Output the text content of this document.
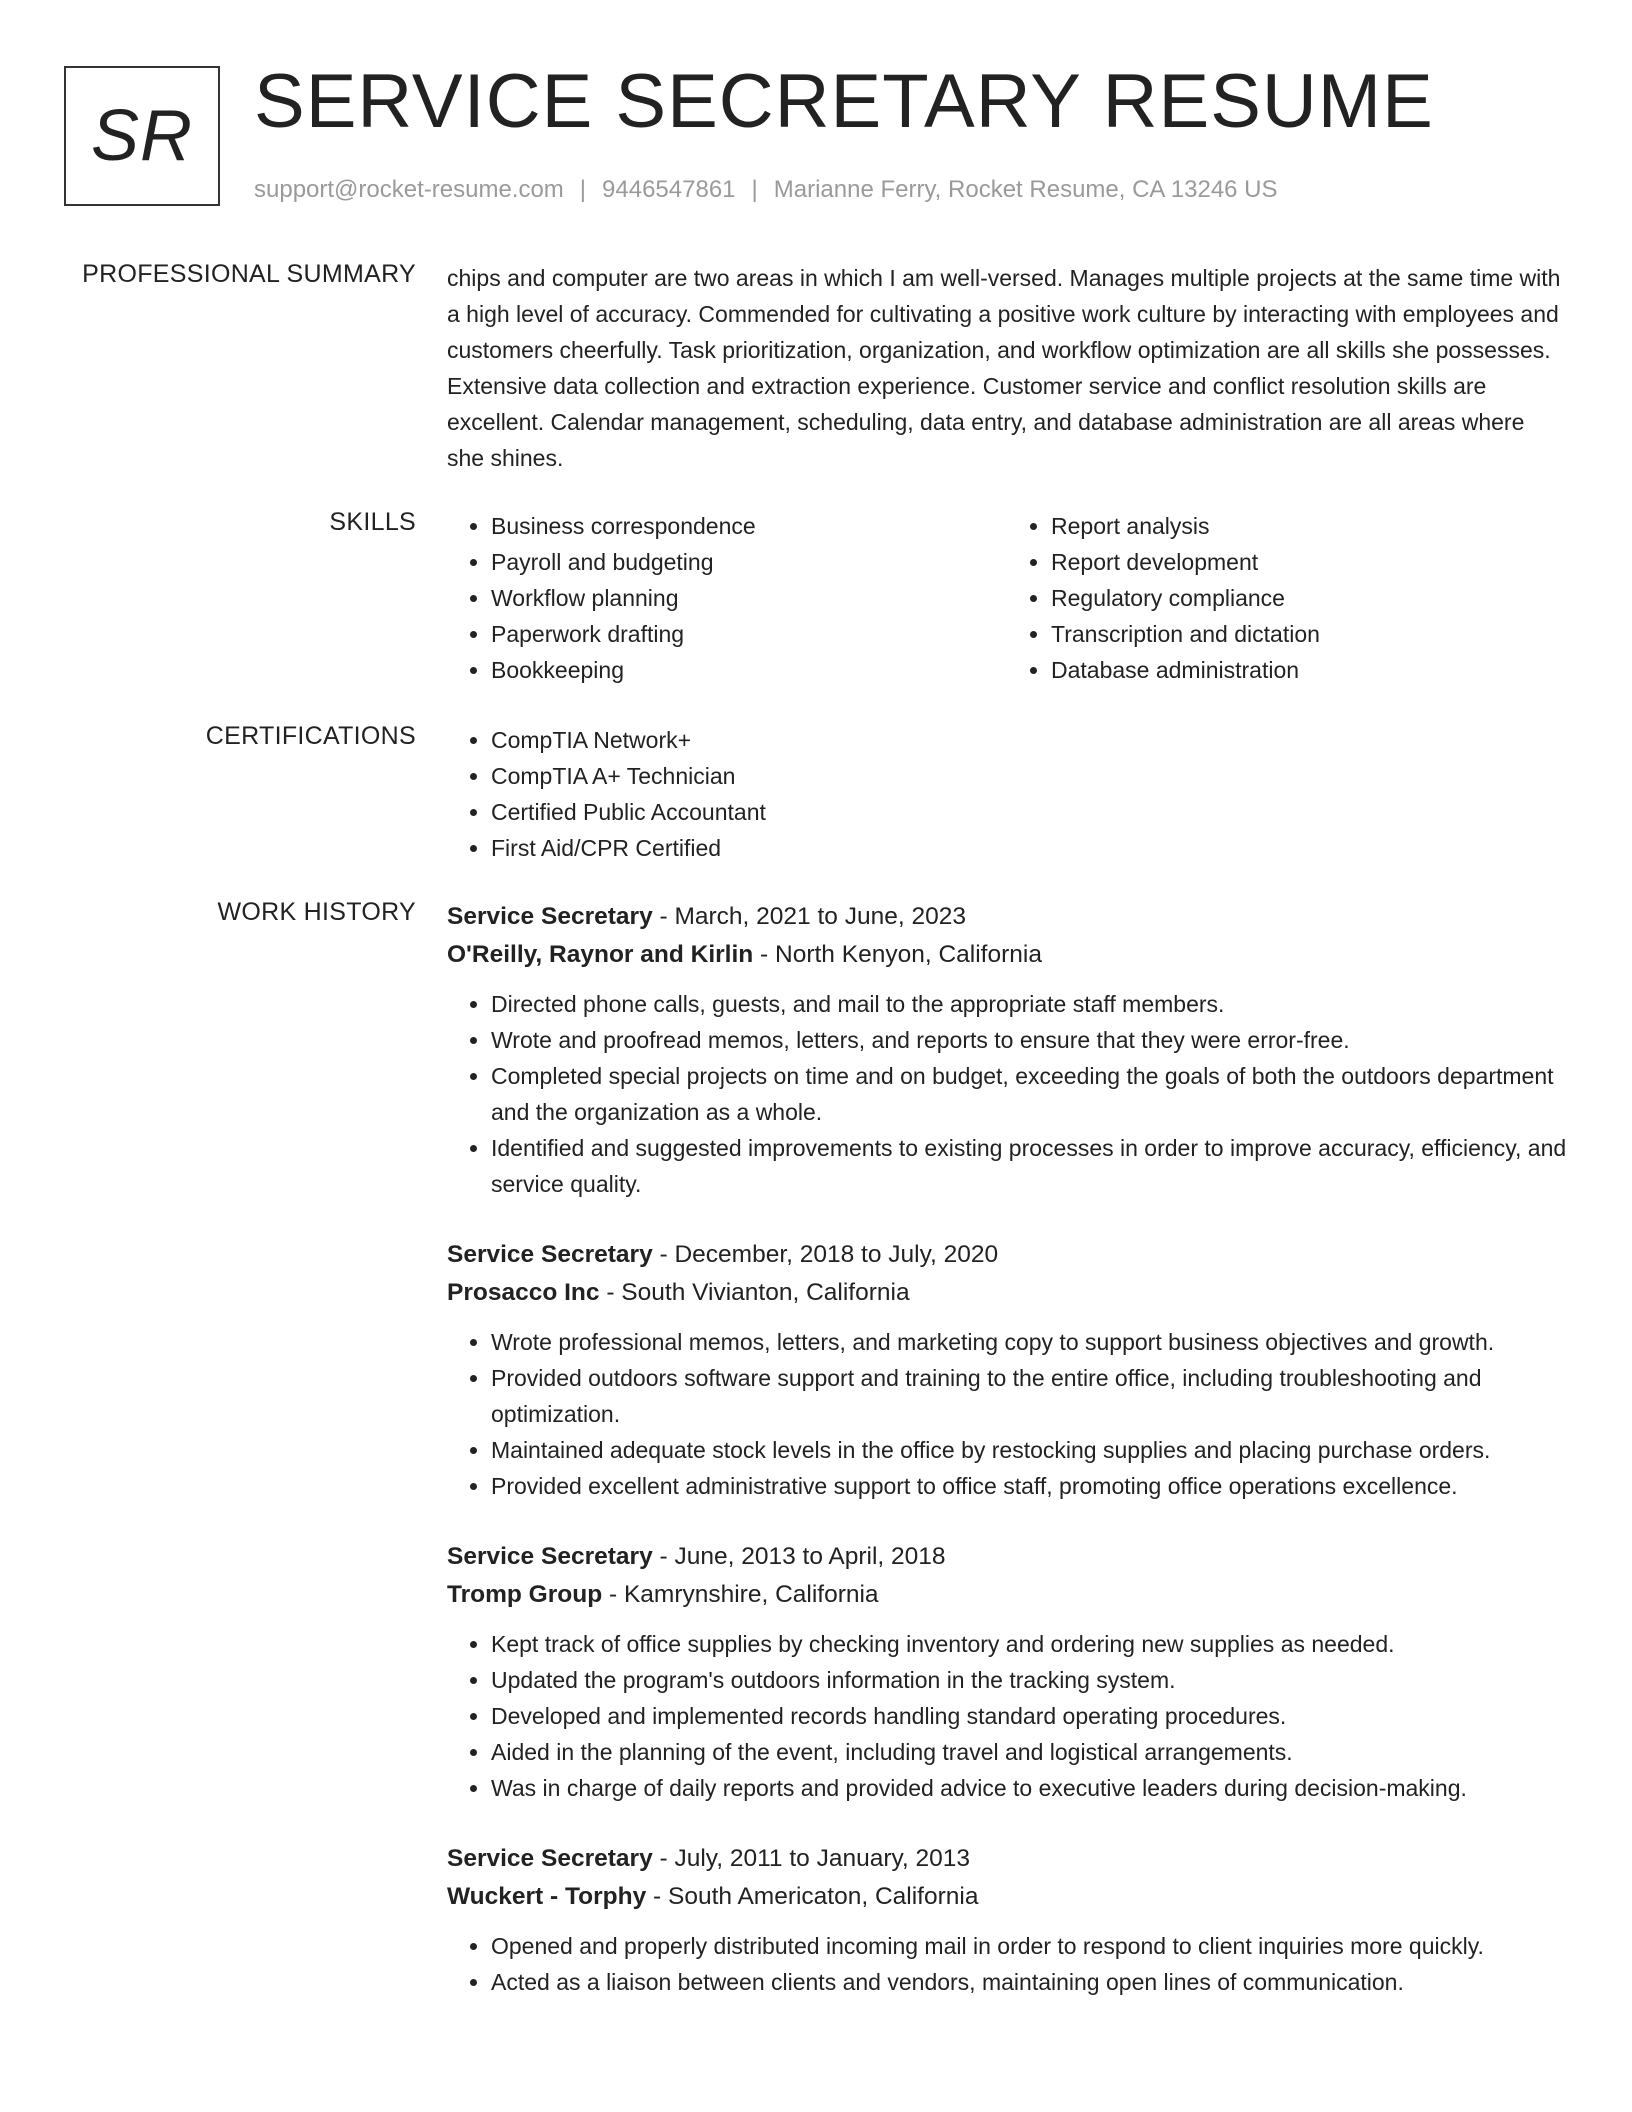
SR SERVICE SECRETARY RESUME
support@rocket-resume.com | 9446547861 | Marianne Ferry, Rocket Resume, CA 13246 US
PROFESSIONAL SUMMARY chips and computer are two areas in which I am well-versed. Manages multiple projects at the same time with a high level of accuracy. Commended for cultivating a positive work culture by interacting with employees and customers cheerfully. Task prioritization, organization, and workflow optimization are all skills she possesses. Extensive data collection and extraction experience. Customer service and conflict resolution skills are excellent. Calendar management, scheduling, data entry, and database administration are all areas where she shines.

SKILLS	• Business correspondence
• Payroll and budgeting
• Workflow planning
• Paperwork drafting
• Bookkeeping
• Report analysis
• Report development
• Regulatory compliance
• Transcription and dictation
• Database administration
CERTIFICATIONS	• CompTIA Network+
• CompTIA A+ Technician
• Certified Public Accountant
• First Aid/CPR Certified
WORK HISTORY Service Secretary - March, 2021 to June, 2023
O'Reilly, Raynor and Kirlin - North Kenyon, California
• Directed phone calls, guests, and mail to the appropriate staff members.
• Wrote and proofread memos, letters, and reports to ensure that they were error-free.
• Completed special projects on time and on budget, exceeding the goals of both the outdoors department and the organization as a whole.
• Identified and suggested improvements to existing processes in order to improve accuracy, efficiency, and service quality.
Service Secretary - December, 2018 to July, 2020
Prosacco Inc - South Vivianton, California
• Wrote professional memos, letters, and marketing copy to support business objectives and growth.
• Provided outdoors software support and training to the entire office, including troubleshooting and optimization.
• Maintained adequate stock levels in the office by restocking supplies and placing purchase orders.
• Provided excellent administrative support to office staff, promoting office operations excellence.
Service Secretary - June, 2013 to April, 2018
Tromp Group - Kamrynshire, California
• Kept track of office supplies by checking inventory and ordering new supplies as needed.
• Updated the program's outdoors information in the tracking system.
• Developed and implemented records handling standard operating procedures.
• Aided in the planning of the event, including travel and logistical arrangements.
• Was in charge of daily reports and provided advice to executive leaders during decision-making.
Service Secretary - July, 2011 to January, 2013
Wuckert - Torphy - South Americaton, California
• Opened and properly distributed incoming mail in order to respond to client inquiries more quickly.
• Acted as a liaison between clients and vendors, maintaining open lines of communication.
